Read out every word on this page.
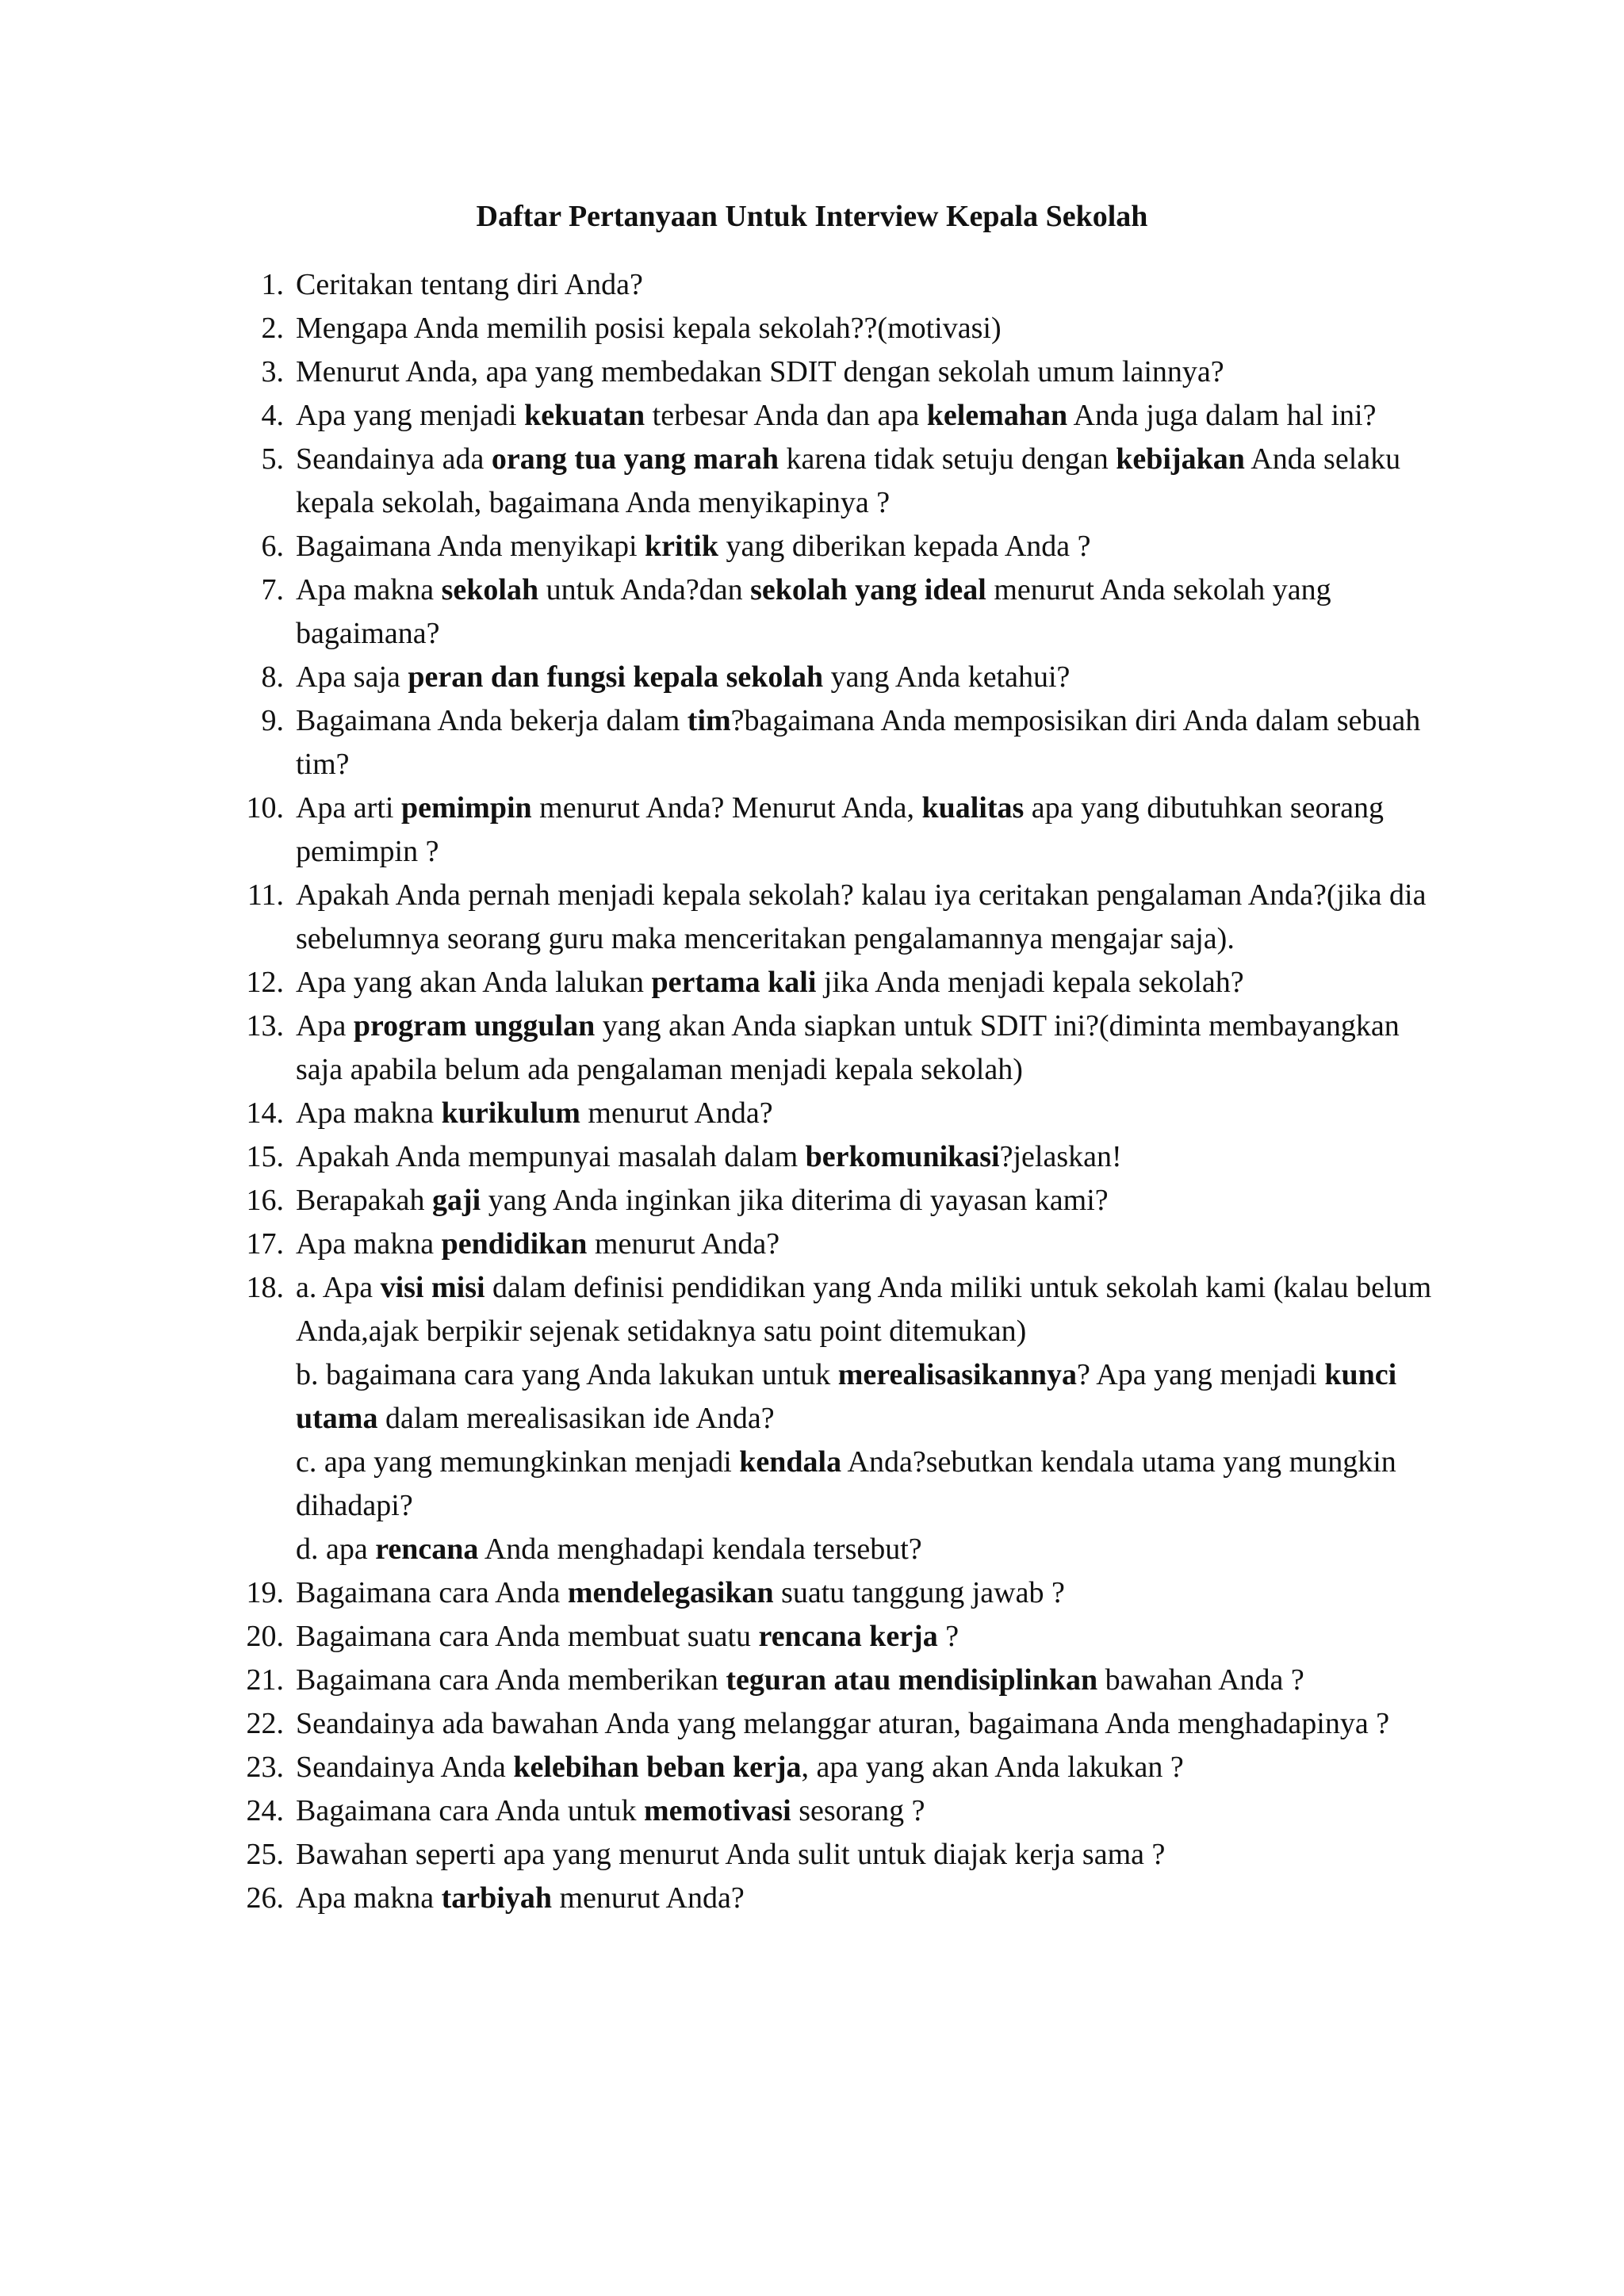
Daftar Pertanyaan Untuk Interview Kepala Sekolah
1. Ceritakan tentang diri Anda?
2. Mengapa Anda memilih posisi kepala sekolah??(motivasi)
3. Menurut Anda, apa yang membedakan SDIT dengan sekolah umum lainnya?
4. Apa yang menjadi kekuatan terbesar Anda dan apa kelemahan Anda juga dalam hal ini?
5. Seandainya ada orang tua yang marah karena tidak setuju dengan kebijakan Anda selaku kepala sekolah, bagaimana Anda menyikapinya ?
6. Bagaimana Anda menyikapi kritik yang diberikan kepada Anda ?
7. Apa makna sekolah untuk Anda?dan sekolah yang ideal menurut Anda sekolah yang bagaimana?
8. Apa saja peran dan fungsi kepala sekolah yang Anda ketahui?
9. Bagaimana Anda bekerja dalam tim?bagaimana Anda memposisikan diri Anda dalam sebuah tim?
10. Apa arti pemimpin menurut Anda? Menurut Anda, kualitas apa yang dibutuhkan seorang pemimpin ?
11. Apakah Anda pernah menjadi kepala sekolah? kalau iya ceritakan pengalaman Anda?(jika dia sebelumnya seorang guru maka menceritakan pengalamannya mengajar saja).
12. Apa yang akan Anda lalukan pertama kali jika Anda menjadi kepala sekolah?
13. Apa program unggulan yang akan Anda siapkan untuk SDIT ini?(diminta membayangkan saja apabila belum ada pengalaman menjadi kepala sekolah)
14. Apa makna kurikulum menurut Anda?
15. Apakah Anda mempunyai masalah dalam berkomunikasi?jelaskan!
16. Berapakah gaji yang Anda inginkan jika diterima di yayasan kami?
17. Apa makna pendidikan menurut Anda?
18. a. Apa visi misi dalam definisi pendidikan yang Anda miliki untuk sekolah kami (kalau belum Anda,ajak berpikir sejenak setidaknya satu point ditemukan)
b. bagaimana cara yang Anda lakukan untuk merealisasikannya? Apa yang menjadi kunci utama dalam merealisasikan ide Anda?
c. apa yang memungkinkan menjadi kendala Anda?sebutkan kendala utama yang mungkin dihadapi?
d. apa rencana Anda menghadapi kendala tersebut?
19. Bagaimana cara Anda mendelegasikan suatu tanggung jawab ?
20. Bagaimana cara Anda membuat suatu rencana kerja ?
21. Bagaimana cara Anda memberikan teguran atau mendisiplinkan bawahan Anda ?
22. Seandainya ada bawahan Anda yang melanggar aturan, bagaimana Anda menghadapinya ?
23. Seandainya Anda kelebihan beban kerja, apa yang akan Anda lakukan ?
24. Bagaimana cara Anda untuk memotivasi sesorang ?
25. Bawahan seperti apa yang menurut Anda sulit untuk diajak kerja sama ?
26. Apa makna tarbiyah menurut Anda?
